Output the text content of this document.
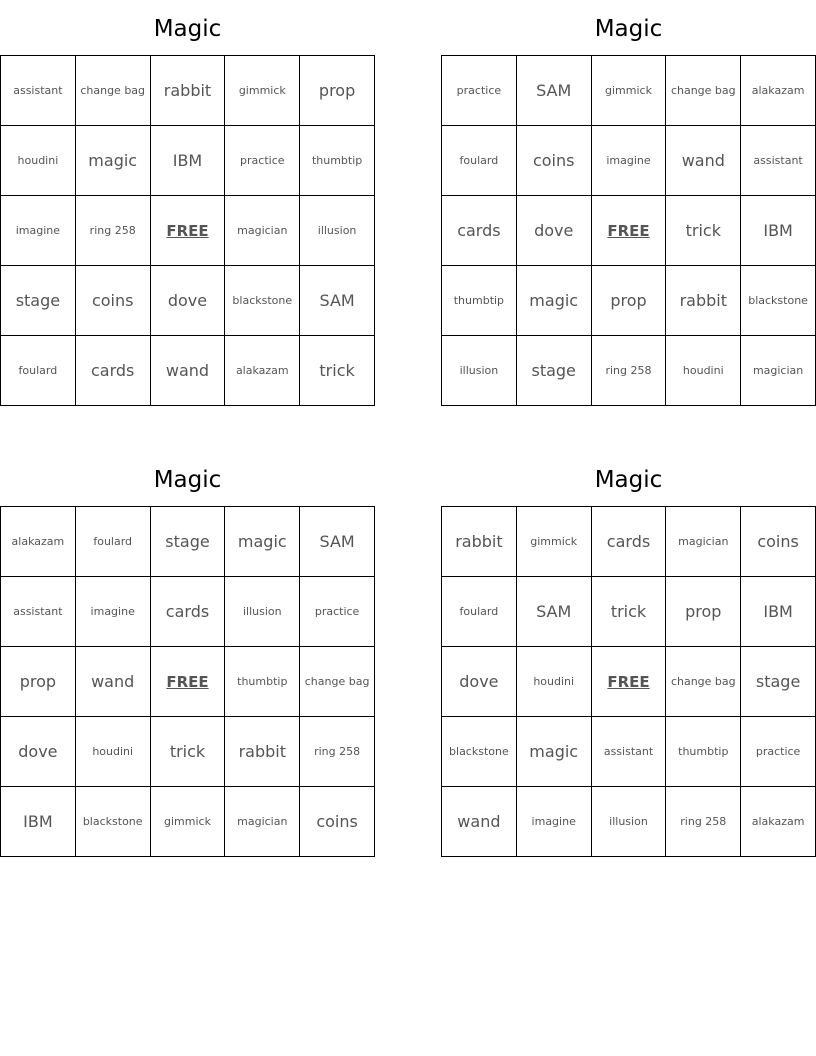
Magic
assistant	change bag	rabbit	gimmick	prop
houdini	magic	IBM	practice	thumbtip
imagine	ring 258	FREE	magician	illusion
stage	coins	dove	blackstone	SAM
foulard	cards	wand	alakazam	trick
Magic
practice	SAM	gimmick	change bag	alakazam
foulard	coins	imagine	wand	assistant
cards	dove	FREE	trick	IBM
thumbtip	magic	prop	rabbit	blackstone
illusion	stage	ring 258	houdini	magician
Magic
alakazam	foulard	stage	magic	SAM
assistant	imagine	cards	illusion	practice
prop	wand	FREE	thumbtip	change bag
dove	houdini	trick	rabbit	ring 258
IBM	blackstone	gimmick	magician	coins
Magic
rabbit	gimmick	cards	magician	coins
foulard	SAM	trick	prop	IBM
dove	houdini	FREE	change bag	stage
blackstone	magic	assistant	thumbtip	practice
wand	imagine	illusion	ring 258	alakazam
